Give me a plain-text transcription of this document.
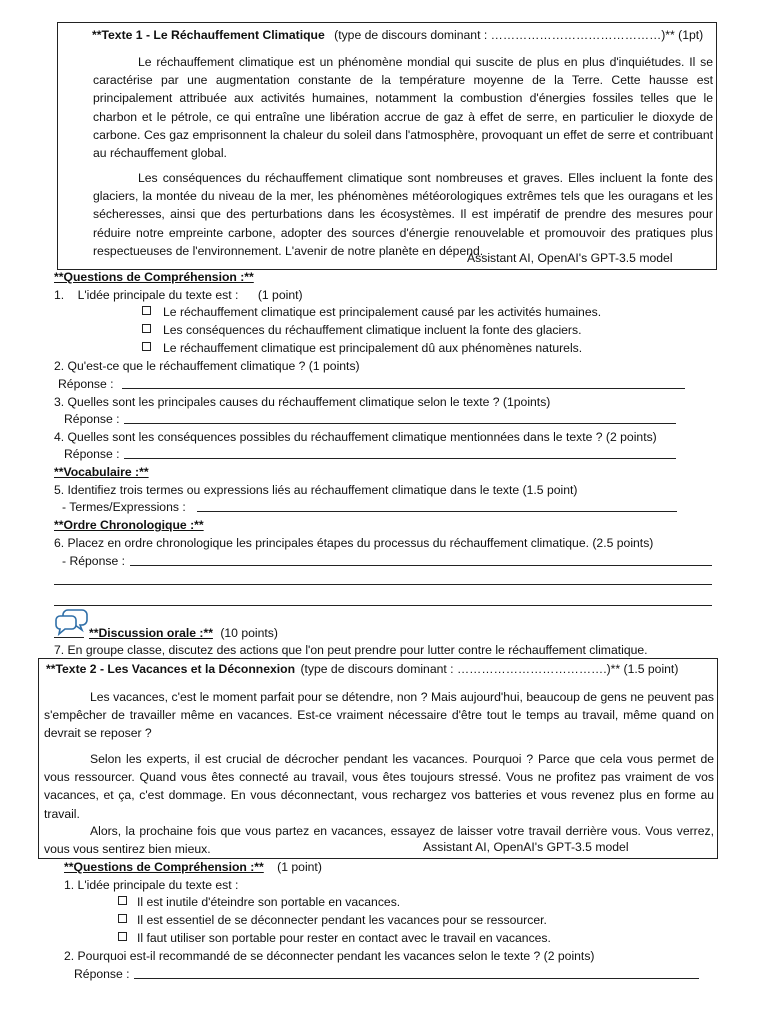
**Texte 1 - Le Réchauffement Climatique (type de discours dominant : ……………………………………)** (1pt)

Le réchauffement climatique est un phénomène mondial qui suscite de plus en plus d'inquiétudes. Il se caractérise par une augmentation constante de la température moyenne de la Terre. Cette hausse est principalement attribuée aux activités humaines, notamment la combustion d'énergies fossiles telles que le charbon et le pétrole, ce qui entraîne une libération accrue de gaz à effet de serre, en particulier le dioxyde de carbone. Ces gaz emprisonnent la chaleur du soleil dans l'atmosphère, provoquant un effet de serre et contribuant au réchauffement global.

Les conséquences du réchauffement climatique sont nombreuses et graves. Elles incluent la fonte des glaciers, la montée du niveau de la mer, les phénomènes météorologiques extrêmes tels que les ouragans et les sécheresses, ainsi que des perturbations dans les écosystèmes. Il est impératif de prendre des mesures pour réduire notre empreinte carbone, adopter des sources d'énergie renouvelable et promouvoir des pratiques plus respectueuses de l'environnement. L'avenir de notre planète en dépend.

Assistant AI, OpenAI's GPT-3.5 model
**Questions de Compréhension :**
1. L'idée principale du texte est : (1 point)
Le réchauffement climatique est principalement causé par les activités humaines.
Les conséquences du réchauffement climatique incluent la fonte des glaciers.
Le réchauffement climatique est principalement dû aux phénomènes naturels.
2. Qu'est-ce que le réchauffement climatique ? (1 points)
Réponse :
3. Quelles sont les principales causes du réchauffement climatique selon le texte ? (1points)
Réponse :
4. Quelles sont les conséquences possibles du réchauffement climatique mentionnées dans le texte ? (2 points)
Réponse :
**Vocabulaire :**
5. Identifiez trois termes ou expressions liés au réchauffement climatique dans le texte (1.5 point)
- Termes/Expressions :
**Ordre Chronologique :**
6. Placez en ordre chronologique les principales étapes du processus du réchauffement climatique. (2.5 points)
- Réponse :
**Discussion orale :** (10 points)
7. En groupe classe, discutez des actions que l'on peut prendre pour lutter contre le réchauffement climatique.
**Texte 2 - Les Vacances et la Déconnexion (type de discours dominant : ……………………………….)** (1.5 point)

Les vacances, c'est le moment parfait pour se détendre, non ? Mais aujourd'hui, beaucoup de gens ne peuvent pas s'empêcher de travailler même en vacances. Est-ce vraiment nécessaire d'être tout le temps au travail, même quand on devrait se reposer ?

Selon les experts, il est crucial de décrocher pendant les vacances. Pourquoi ? Parce que cela vous permet de vous ressourcer. Quand vous êtes connecté au travail, vous êtes toujours stressé. Vous ne profitez pas vraiment de vos vacances, et ça, c'est dommage. En vous déconnectant, vous rechargez vos batteries et vous revenez plus en forme au travail.

Alors, la prochaine fois que vous partez en vacances, essayez de laisser votre travail derrière vous. Vous verrez, vous vous sentirez bien mieux.	Assistant AI, OpenAI's GPT-3.5 model
**Questions de Compréhension :** (1 point)
1. L'idée principale du texte est :
Il est inutile d'éteindre son portable en vacances.
Il est essentiel de se déconnecter pendant les vacances pour se ressourcer.
Il faut utiliser son portable pour rester en contact avec le travail en vacances.
2. Pourquoi est-il recommandé de se déconnecter pendant les vacances selon le texte ? (2 points)
Réponse :
